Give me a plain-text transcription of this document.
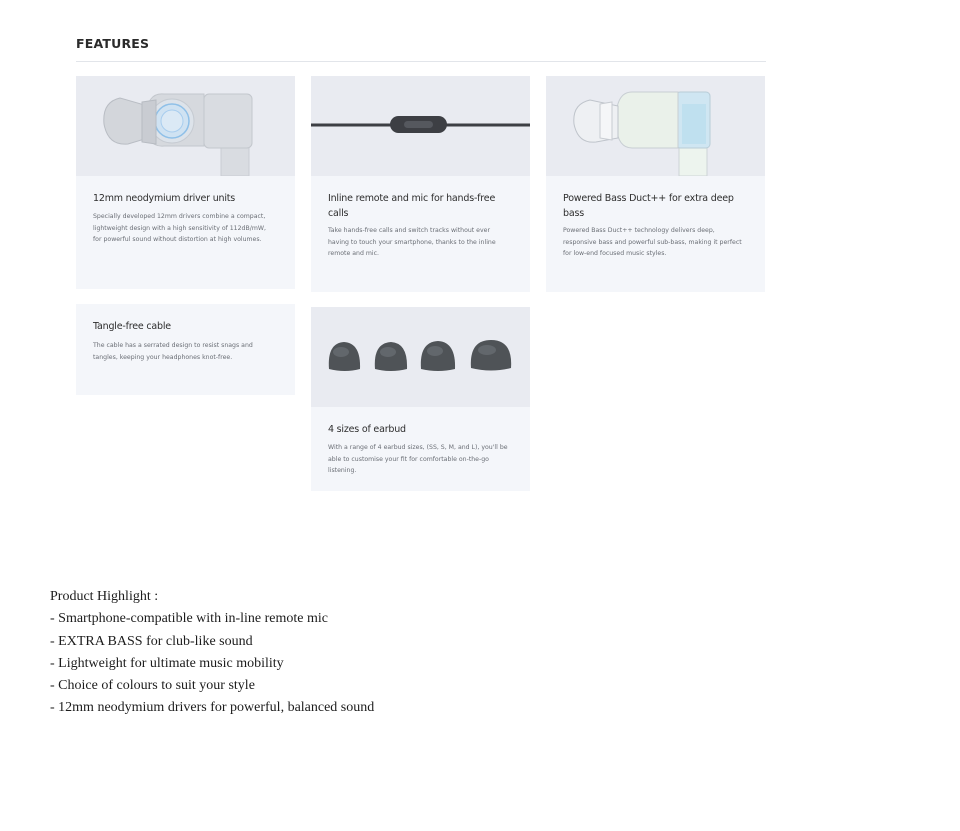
FEATURES
12mm neodymium driver units
Specially developed 12mm drivers combine a compact, lightweight design with a high sensitivity of 112dB/mW, for powerful sound without distortion at high volumes.
Inline remote and mic for hands-free calls
Take hands-free calls and switch tracks without ever having to touch your smartphone, thanks to the inline remote and mic.
Powered Bass Duct++ for extra deep bass
Powered Bass Duct++ technology delivers deep, responsive bass and powerful sub-bass, making it perfect for low-end focused music styles.
Tangle-free cable
The cable has a serrated design to resist snags and tangles, keeping your headphones knot-free.
4 sizes of earbud
With a range of 4 earbud sizes, (SS, S, M, and L), you'll be able to customise your fit for comfortable on-the-go listening.
Product Highlight :
- Smartphone-compatible with in-line remote mic
- EXTRA BASS for club-like sound
- Lightweight for ultimate music mobility
- Choice of colours to suit your style
- 12mm neodymium drivers for powerful, balanced sound
